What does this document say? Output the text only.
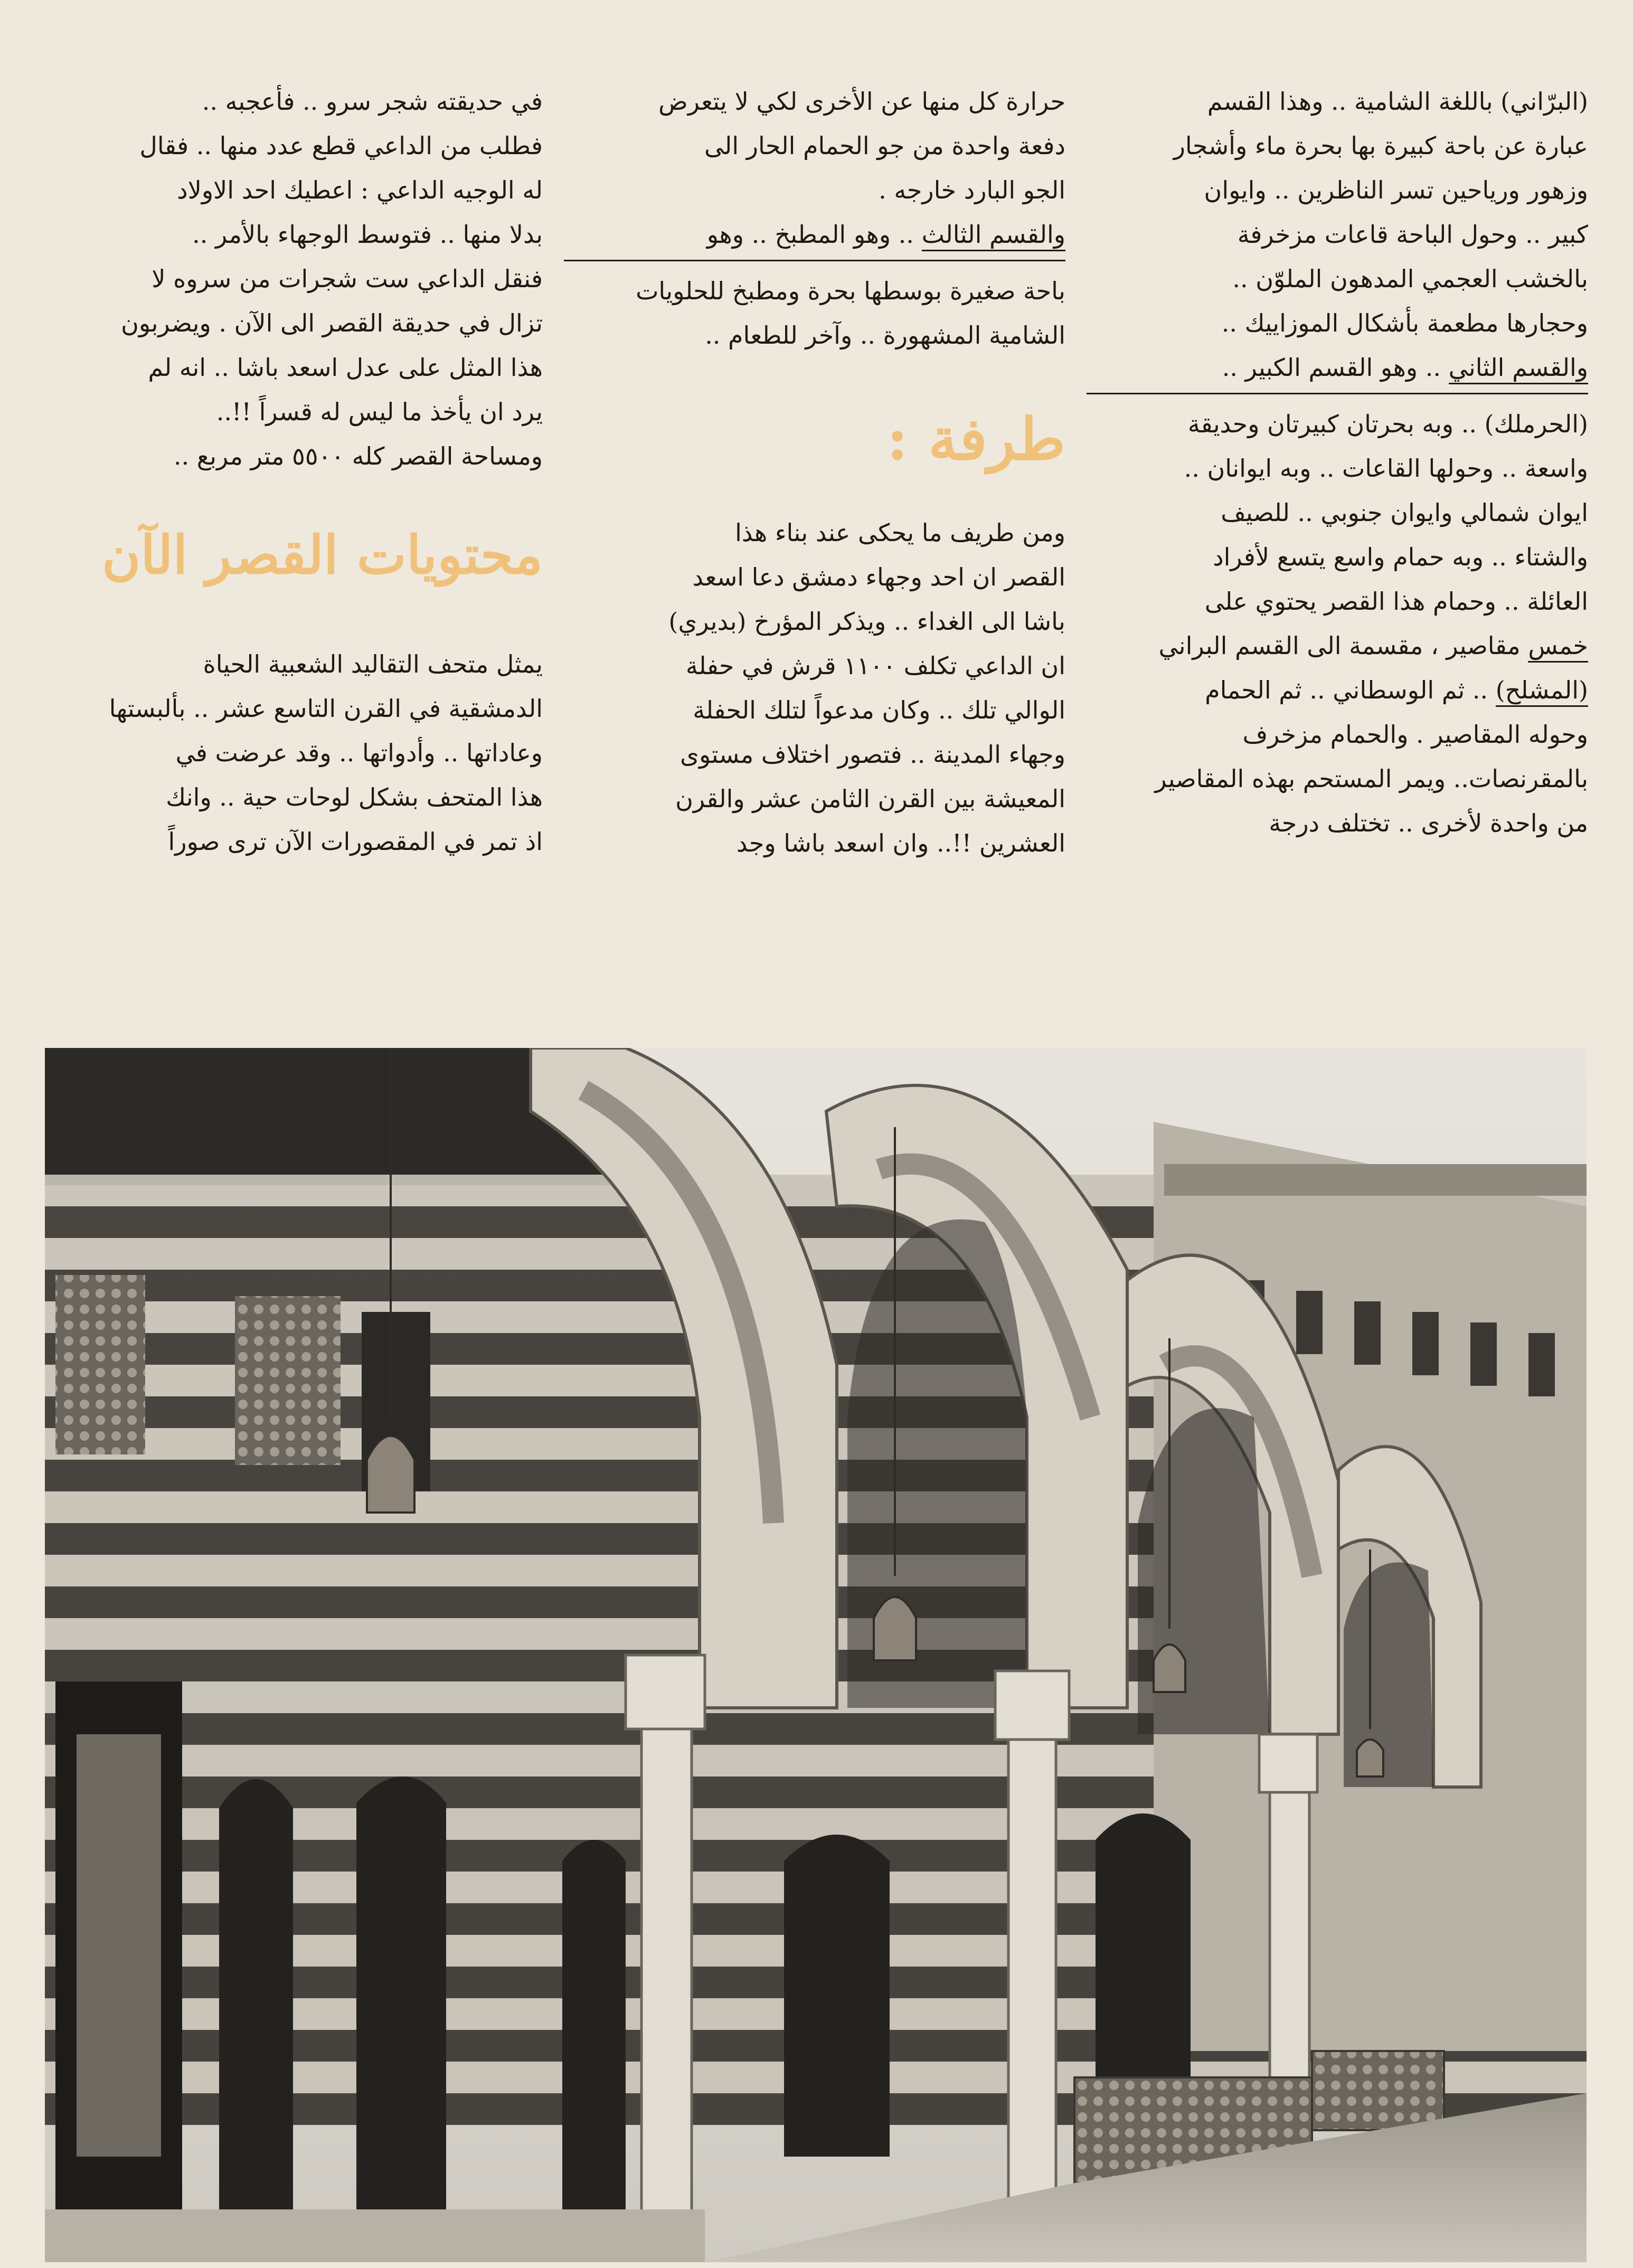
(البرّاني) باللغة الشامية .. وهذا القسم

عبارة عن باحة كبيرة بها بحرة ماء وأشجار

وزهور ورياحين تسر الناظرين .. وايوان

كبير .. وحول الباحة قاعات مزخرفة

بالخشب العجمي المدهون الملوّن ..

وحجارها مطعمة بأشكال الموزاييك ..

والقسم الثاني .. وهو القسم الكبير ..

(الحرملك) .. وبه بحرتان كبيرتان وحديقة

واسعة .. وحولها القاعات .. وبه ايوانان ..

ايوان شمالي وايوان جنوبي .. للصيف

والشتاء .. وبه حمام واسع يتسع لأفراد

العائلة .. وحمام هذا القصر يحتوي على

خمس مقاصير ، مقسمة الى القسم البراني

(المشلح) .. ثم الوسطاني .. ثم الحمام

وحوله المقاصير . والحمام مزخرف

بالمقرنصات.. ويمر المستحم بهذه المقاصير

من واحدة لأخرى .. تختلف درجة

حرارة كل منها عن الأخرى لكي لا يتعرض

دفعة واحدة من جو الحمام الحار الى

الجو البارد خارجه .

والقسم الثالث .. وهو المطبخ .. وهو

باحة صغيرة بوسطها بحرة ومطبخ للحلويات

الشامية المشهورة .. وآخر للطعام ..

طرفة :

ومن طريف ما يحكى عند بناء هذا

القصر ان احد وجهاء دمشق دعا اسعد

باشا الى الغداء .. ويذكر المؤرخ (بديري)

ان الداعي تكلف ١١٠٠ قرش في حفلة

الوالي تلك .. وكان مدعواً لتلك الحفلة

وجهاء المدينة .. فتصور اختلاف مستوى

المعيشة بين القرن الثامن عشر والقرن

العشرين !!.. وان اسعد باشا وجد

في حديقته شجر سرو .. فأعجبه ..

فطلب من الداعي قطع عدد منها .. فقال

له الوجيه الداعي : اعطيك احد الاولاد

بدلا منها .. فتوسط الوجهاء بالأمر ..

فنقل الداعي ست شجرات من سروه لا

تزال في حديقة القصر الى الآن . ويضربون

هذا المثل على عدل اسعد باشا .. انه لم

يرد ان يأخذ ما ليس له قسراً !!..

ومساحة القصر كله ٥٥٠٠ متر مربع ..

محتويات القصر الآن

يمثل متحف التقاليد الشعبية الحياة

الدمشقية في القرن التاسع عشر .. بألبستها

وعاداتها .. وأدواتها .. وقد عرضت في

هذا المتحف بشكل لوحات حية .. وانك

اذ تمر في المقصورات الآن ترى صوراً
